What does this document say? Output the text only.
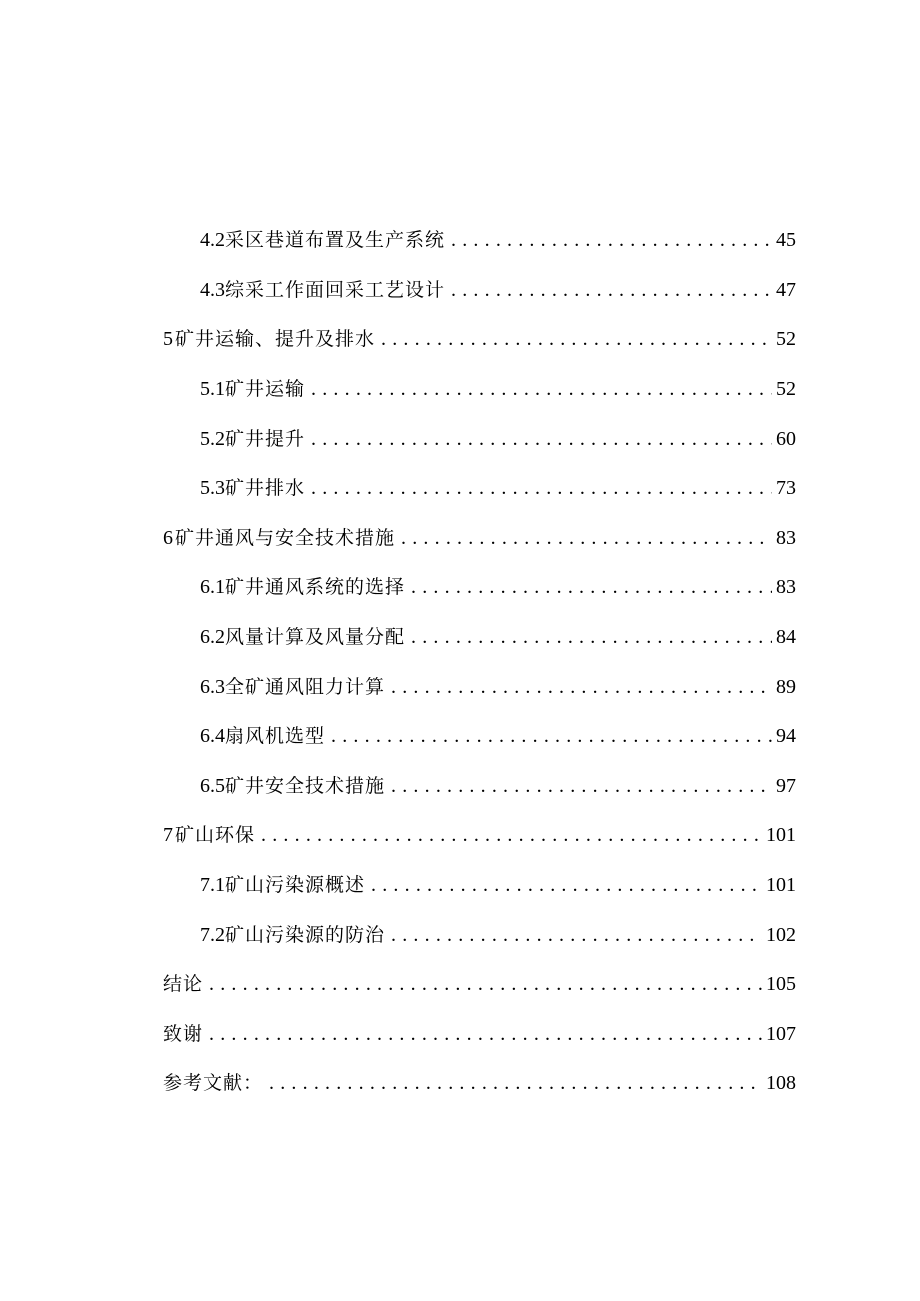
4.2 采区巷道布置及生产系统 .....	45
4.3 综采工作面回采工艺设计 .....	47
5 矿井运输、提升及排水 .....	52
5.1 矿井运输 .....	52
5.2 矿井提升 .....	60
5.3 矿井排水 .....	73
6 矿井通风与安全技术措施 .....	83
6.1 矿井通风系统的选择 .....	83
6.2 风量计算及风量分配 .....	84
6.3 全矿通风阻力计算 .....	89
6.4 扇风机选型 .....	94
6.5 矿井安全技术措施 .....	97
7 矿山环保 .....	101
7.1 矿山污染源概述 .....	101
7.2 矿山污染源的防治 .....	102
结论 .....	105
致谢 .....	107
参考文献： .....	108
